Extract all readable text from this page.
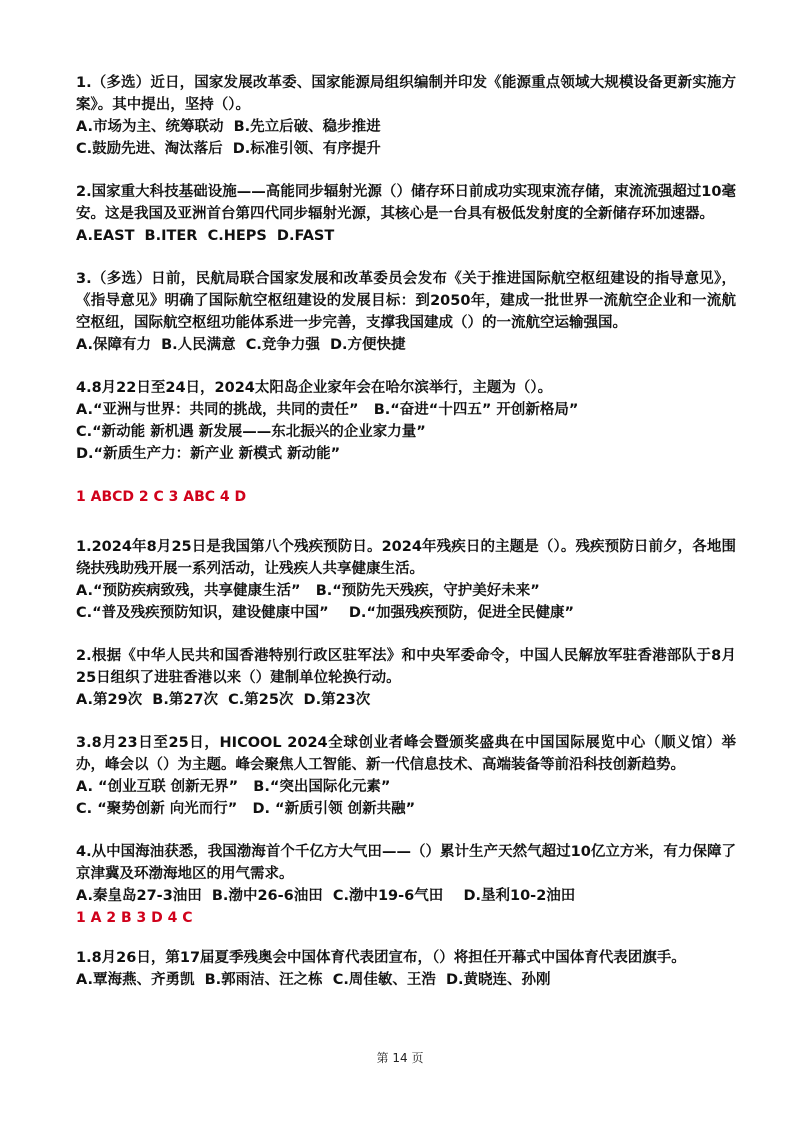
1.（多选）近日，国家发展改革委、国家能源局组织编制并印发《能源重点领域大规模设备更新实施方案》。其中提出，坚持（）。

A.市场为主、统筹联动  B.先立后破、稳步推进

C.鼓励先进、淘汰落后  D.标准引领、有序提升

2.国家重大科技基础设施——高能同步辐射光源（）储存环日前成功实现束流存储，束流流强超过10毫安。这是我国及亚洲首台第四代同步辐射光源，其核心是一台具有极低发射度的全新储存环加速器。

A.EAST  B.ITER  C.HEPS  D.FAST

3.（多选）日前，民航局联合国家发展和改革委员会发布《关于推进国际航空枢纽建设的指导意见》，《指导意见》明确了国际航空枢纽建设的发展目标：到2050年，建成一批世界一流航空企业和一流航空枢纽，国际航空枢纽功能体系进一步完善，支撑我国建成（）的一流航空运输强国。

A.保障有力  B.人民满意  C.竞争力强  D.方便快捷

4.8月22日至24日，2024太阳岛企业家年会在哈尔滨举行，主题为（）。

A.“亚洲与世界：共同的挑战，共同的责任”   B.“奋进“十四五” 开创新格局”

C.“新动能 新机遇 新发展——东北振兴的企业家力量”

D.“新质生产力：新产业 新模式 新动能”

1 ABCD 2 C 3 ABC 4 D

1.2024年8月25日是我国第八个残疾预防日。2024年残疾日的主题是（）。残疾预防日前夕，各地围绕扶残助残开展一系列活动，让残疾人共享健康生活。

A.“预防疾病致残，共享健康生活”   B.“预防先天残疾，守护美好未来”

C.“普及残疾预防知识，建设健康中国”    D.“加强残疾预防，促进全民健康”

2.根据《中华人民共和国香港特别行政区驻军法》和中央军委命令，中国人民解放军驻香港部队于8月25日组织了进驻香港以来（）建制单位轮换行动。

A.第29次  B.第27次  C.第25次  D.第23次

3.8月23日至25日，HICOOL 2024全球创业者峰会暨颁奖盛典在中国国际展览中心（顺义馆）举办，峰会以（）为主题。峰会聚焦人工智能、新一代信息技术、高端装备等前沿科技创新趋势。

A. “创业互联 创新无界”   B.“突出国际化元素”

C. “聚势创新 向光而行”   D. “新质引领 创新共融”

4.从中国海油获悉，我国渤海首个千亿方大气田——（）累计生产天然气超过10亿立方米，有力保障了京津冀及环渤海地区的用气需求。

A.秦皇岛27-3油田  B.渤中26-6油田  C.渤中19-6气田    D.垦利10-2油田

1 A 2 B 3 D 4 C

1.8月26日，第17届夏季残奥会中国体育代表团宣布，（）将担任开幕式中国体育代表团旗手。

A.覃海燕、齐勇凯  B.郭雨洁、汪之栋  C.周佳敏、王浩  D.黄晓连、孙刚

第 14 页
